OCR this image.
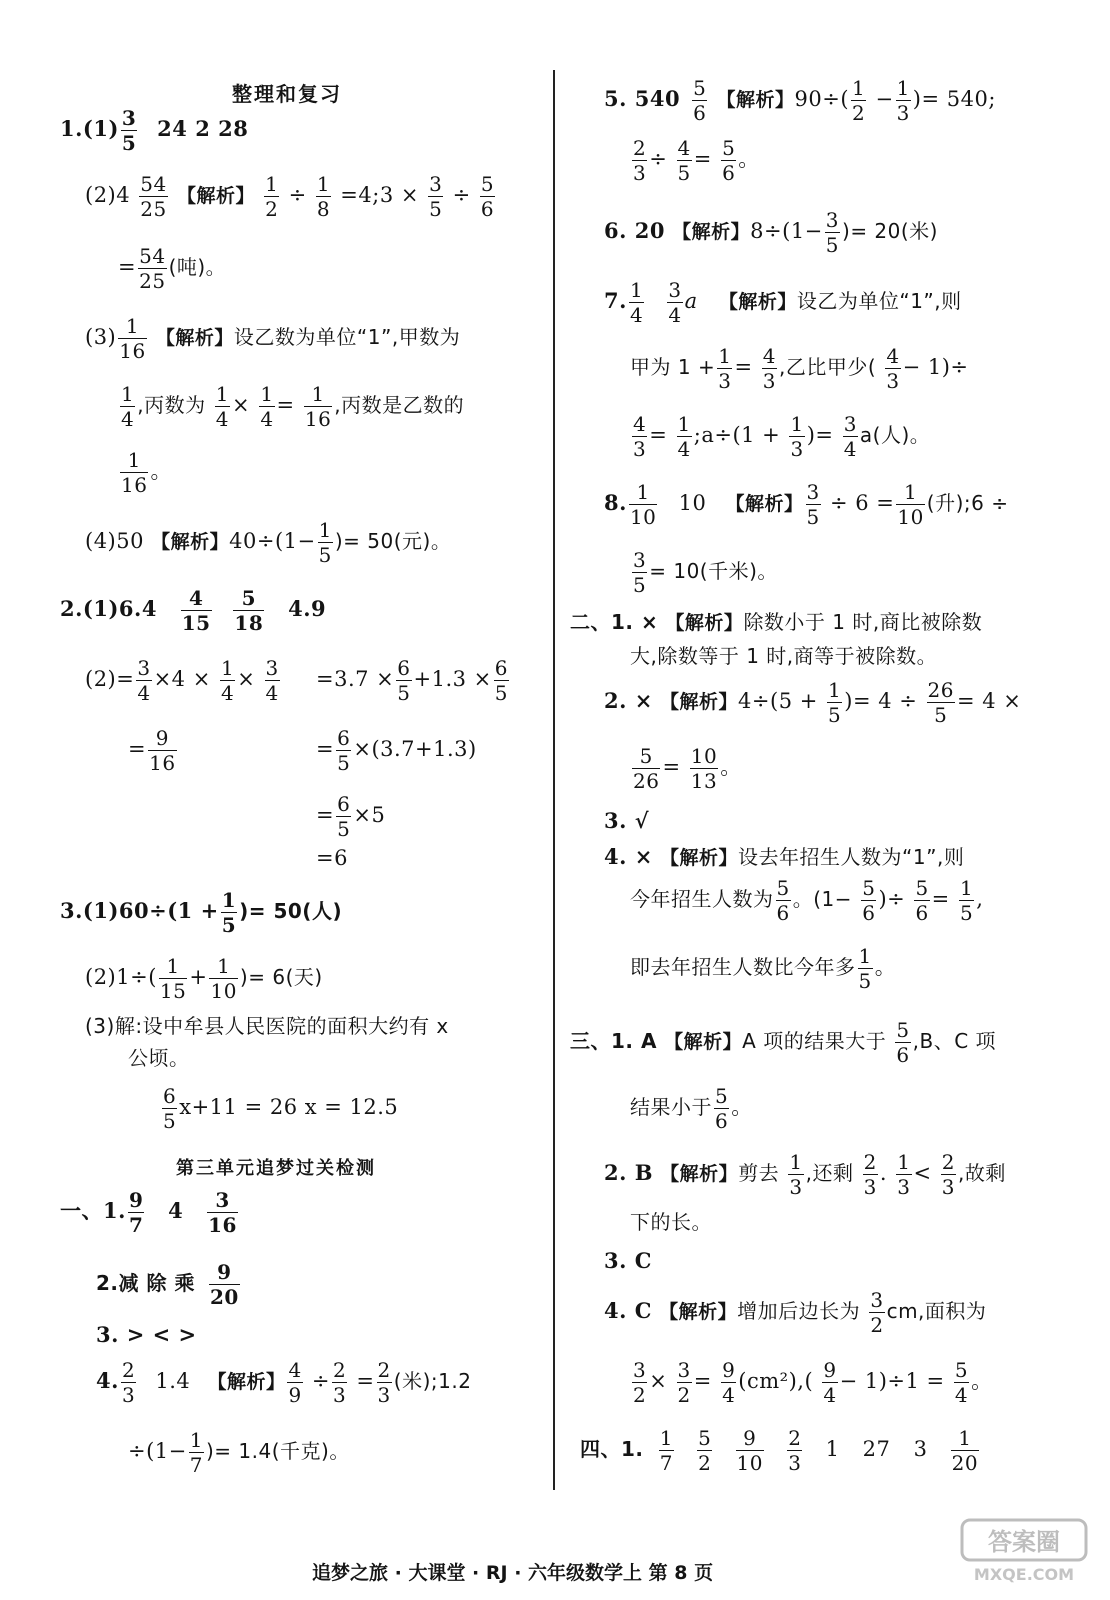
整理和复习
$1.(1) \frac{3}{5} 24$ 2 28
$(2)4 \frac{54}{25}$ 【解析】 $\frac{1}{2} \div \frac{1}{8}$ =4;3 × $\frac{3}{5} \div \frac{5}{6}$
= $\frac{54}{25}$ (吨)。
$(3) \frac{1}{16}$ 【解析】设乙数为单位“1”,甲数为
$\frac{1}{4}$ ,丙数为 $\frac{1}{4} \times \frac{1}{4} = \frac{1}{16}$ ,丙数是乙数的
$\frac{1}{16}$ 。
(4)50 【解析】$40\div(1- \frac{1}{5}$ )= 50(元)。
$2.(1)6.4 \frac{4}{15}$
$\frac{5}{18} 4.9$
$(2)= \frac{3}{4} \times 4 \times \frac{1}{4} \times \frac{3}{4} =3.7 \times \frac{6}{5} +1.3 \times \frac{6}{5}$
= $\frac{9}{16}$	= $\frac{6}{5} \times(3.7+1.3)$
= $\frac{6}{5} \times 5$
=6
$3.(1)60\div(1 + \frac{1}{5}$ )= 50(人)
$(2)1\div( \frac{1}{15} + \frac{1}{10}$ )= 6(天)
(3)解:设中牟县人民医院的面积大约有 x
公顷。
$\frac{6}{5} x+11 = 26$ x = 12.5
第三单元追梦过关检测
一、1. $\frac{9}{7} 4 \frac{3}{16}$
2.减 除 乘 $\frac{9}{20}$
3. > < >
4. $\frac{2}{3} 1.4$ 【解析】 $\frac{4}{9} \div \frac{2}{3} = \frac{2}{3}$ (米);1.2
$\div(1- \frac{1}{7}$ )= 1.4(千克)。
5. $540 \frac{5}{6}$ 【解析】$90\div( \frac{1}{2} - \frac{1}{3}$ )= 540;
$\frac{2}{3} \div \frac{4}{5} = \frac{5}{6}$ 。
6. 20 【解析】$8\div(1- \frac{3}{5}$ )= 20(米)
7. $\frac{1}{4}$
$\frac{3}{4}$ a 【解析】设乙为单位“1”,则
甲为 $1 + \frac{1}{3} = \frac{4}{3}$ ,乙比甲少( $\frac{4}{3} - 1)\div$
$\frac{4}{3} = \frac{1}{4}$ ;a÷(1 + $\frac{1}{3}$ )= $\frac{3}{4} a$(人)。
8. $\frac{1}{10} 10$ 【解析】 $\frac{3}{5} \div 6 = \frac{1}{10}$ (升);6 ÷
$\frac{3}{5} = 10$(千米)。
二、1. × 【解析】除数小于 1 时,商比被除数
大,除数等于 1 时,商等于被除数。
2. × 【解析】$4\div(5 + \frac{1}{5}$ )= $4 \div \frac{26}{5} = 4$ ×
$\frac{5}{26} = \frac{10}{13}$ 。
3. √
4. × 【解析】设去年招生人数为“1”,则
今年招生人数为 $\frac{5}{6}$ 。($1- \frac{5}{6}$ )÷ $\frac{5}{6} = \frac{1}{5}$ ,
即去年招生人数比今年多 $\frac{1}{5}$ 。
三、1. A 【解析】A 项的结果大于 $\frac{5}{6} ,B$、C 项
结果小于 $\frac{5}{6}$ 。
2. B 【解析】剪去 $\frac{1}{3}$ ,还剩 $\frac{2}{3}$ . $\frac{1}{3} < \frac{2}{3}$ ,故剩
下的长。
3. C
4. C 【解析】增加后边长为 $\frac{3}{2}$ cm,面积为
$\frac{3}{2} \times \frac{3}{2} = \frac{9}{4} (cm^2),( \frac{9}{4} - 1)\div 1 = \frac{5}{4}$ 。
四、1. $\frac{1}{7}$
$\frac{5}{2}$
$\frac{9}{10}$
$\frac{2}{3} 1$ 27 $3 \frac{1}{20}$
追梦之旅 · 大课堂 · RJ · 六年级数学上 第 8 页
答案圈
MXQE.COM
